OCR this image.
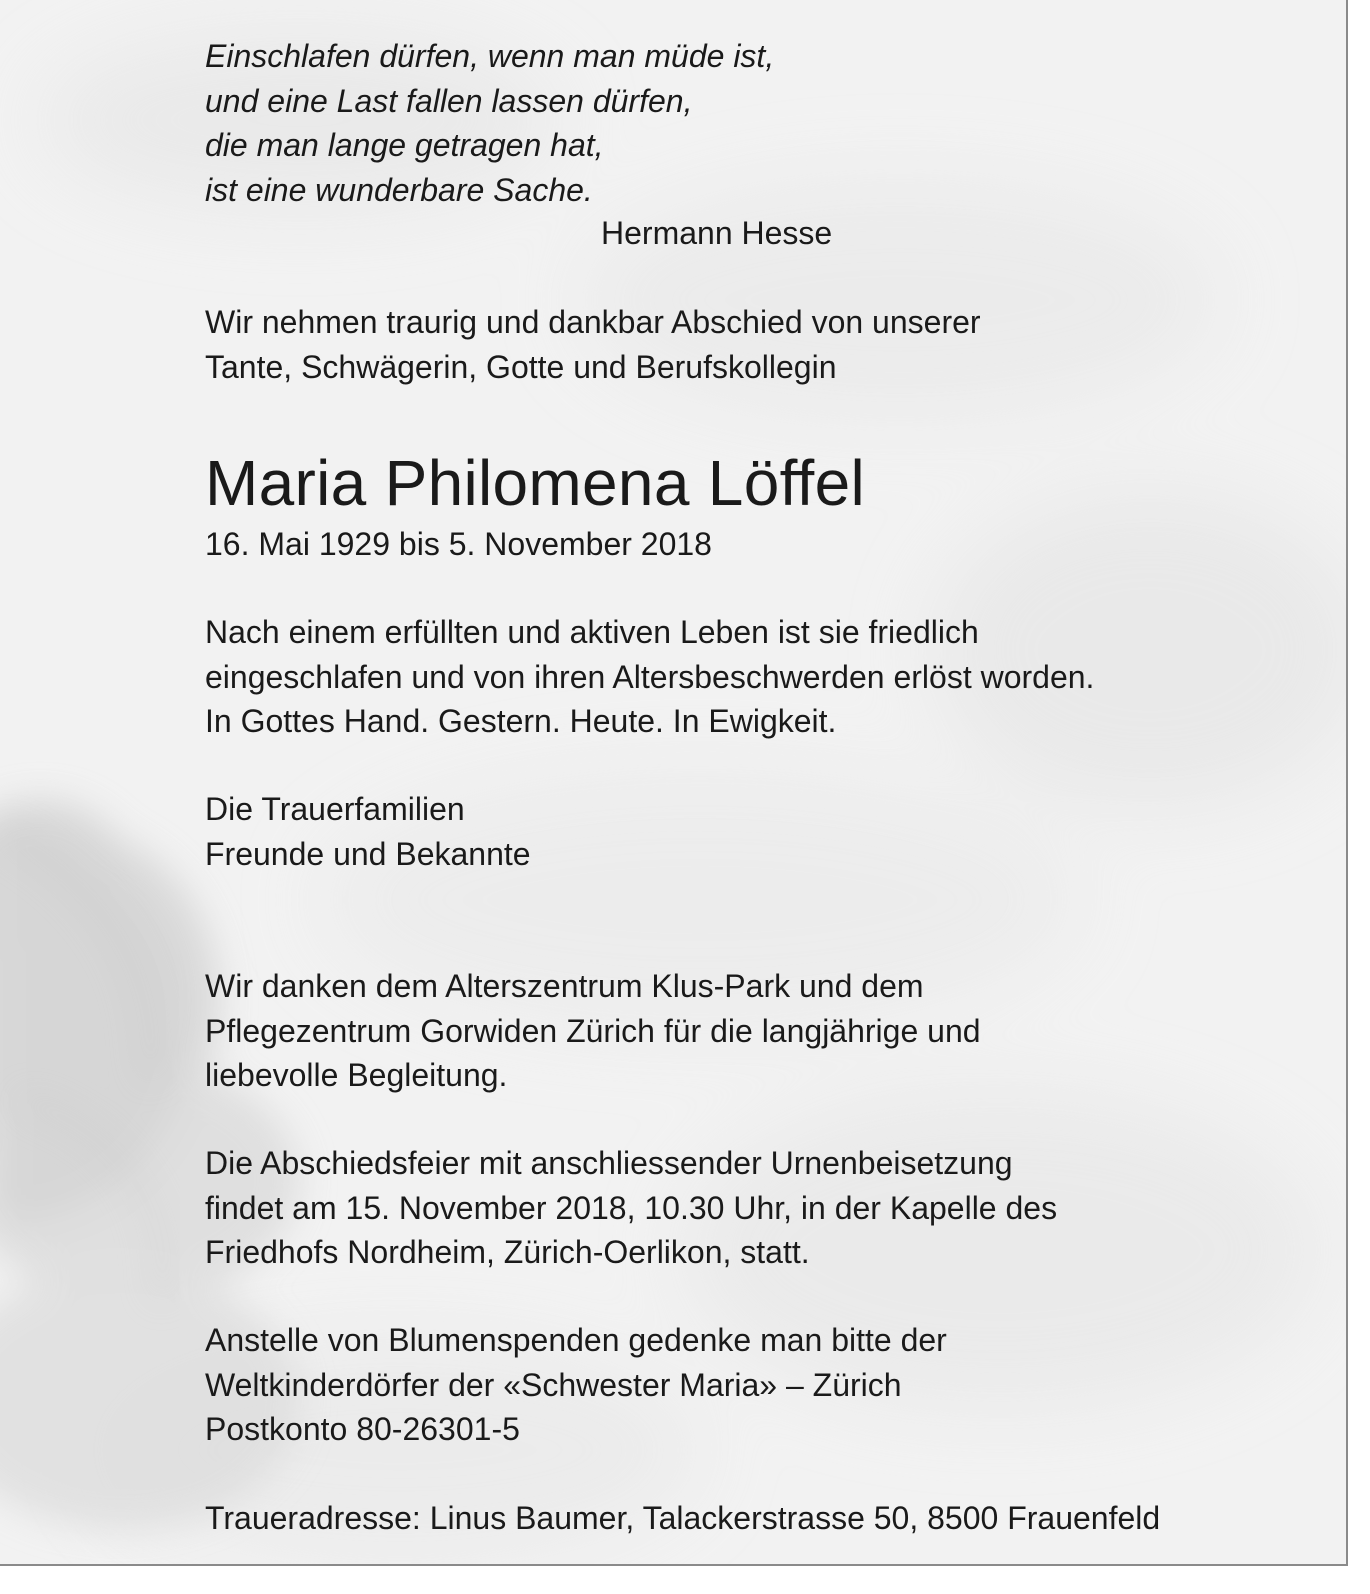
Einschlafen dürfen, wenn man müde ist,
und eine Last fallen lassen dürfen,
die man lange getragen hat,
ist eine wunderbare Sache.
Hermann Hesse
Wir nehmen traurig und dankbar Abschied von unserer
Tante, Schwägerin, Gotte und Berufskollegin
Maria Philomena Löffel
16. Mai 1929 bis 5. November 2018
Nach einem erfüllten und aktiven Leben ist sie friedlich
eingeschlafen und von ihren Altersbeschwerden erlöst worden.
In Gottes Hand. Gestern. Heute. In Ewigkeit.
Die Trauerfamilien
Freunde und Bekannte
Wir danken dem Alterszentrum Klus-Park und dem
Pflegezentrum Gorwiden Zürich für die langjährige und
liebevolle Begleitung.
Die Abschiedsfeier mit anschliessender Urnenbeisetzung
findet am 15. November 2018, 10.30 Uhr, in der Kapelle des
Friedhofs Nordheim, Zürich-Oerlikon, statt.
Anstelle von Blumenspenden gedenke man bitte der
Weltkinderdörfer der «Schwester Maria» – Zürich
Postkonto 80-26301-5
Traueradresse: Linus Baumer, Talackerstrasse 50, 8500 Frauenfeld
